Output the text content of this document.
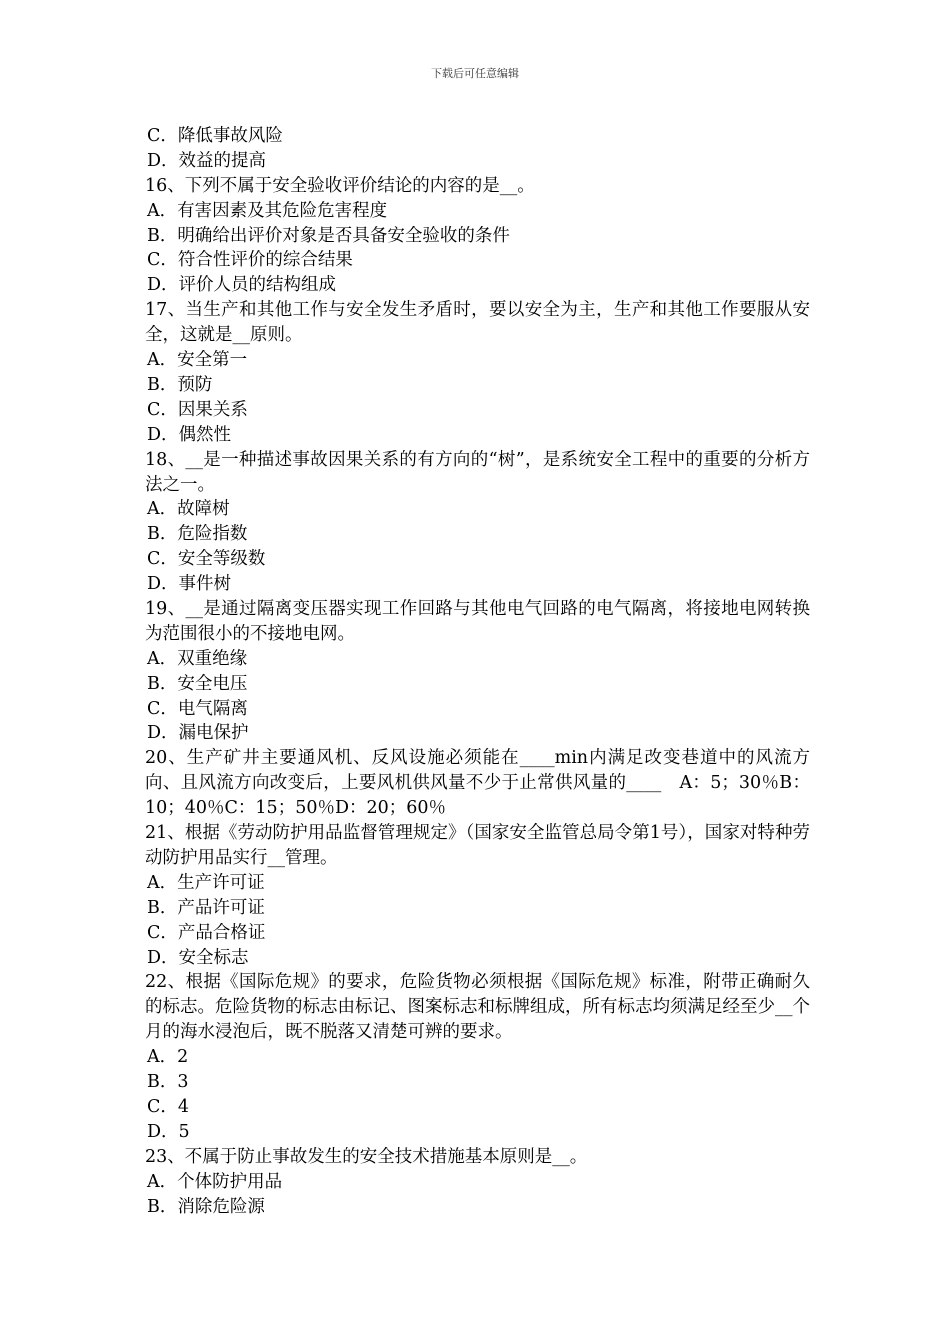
下载后可任意编辑
C．降低事故风险
D．效益的提高
16、下列不属于安全验收评价结论的内容的是__。
A．有害因素及其危险危害程度
B．明确给出评价对象是否具备安全验收的条件
C．符合性评价的综合结果
D．评价人员的结构组成
17、当生产和其他工作与安全发生矛盾时，要以安全为主，生产和其他工作要服从安全，这就是__原则。
A．安全第一
B．预防
C．因果关系
D．偶然性
18、__是一种描述事故因果关系的有方向的“树”，是系统安全工程中的重要的分析方法之一。
A．故障树
B．危险指数
C．安全等级数
D．事件树
19、__是通过隔离变压器实现工作回路与其他电气回路的电气隔离，将接地电网转换为范围很小的不接地电网。
A．双重绝缘
B．安全电压
C．电气隔离
D．漏电保护
20、生产矿井主要通风机、反风设施必须能在____min内满足改变巷道中的风流方向、且风流方向改变后，上要风机供风量不少于止常供风量的____　A：5；30％B：10；40％C：15；50％D：20；60％
21、根据《劳动防护用品监督管理规定》（国家安全监管总局令第1号），国家对特种劳动防护用品实行__管理。
A．生产许可证
B．产品许可证
C．产品合格证
D．安全标志
22、根据《国际危规》的要求，危险货物必须根据《国际危规》标准，附带正确耐久的标志。危险货物的标志由标记、图案标志和标牌组成，所有标志均须满足经至少__个月的海水浸泡后，既不脱落又清楚可辨的要求。
A．2
B．3
C．4
D．5
23、不属于防止事故发生的安全技术措施基本原则是__。
A．个体防护用品
B．消除危险源
